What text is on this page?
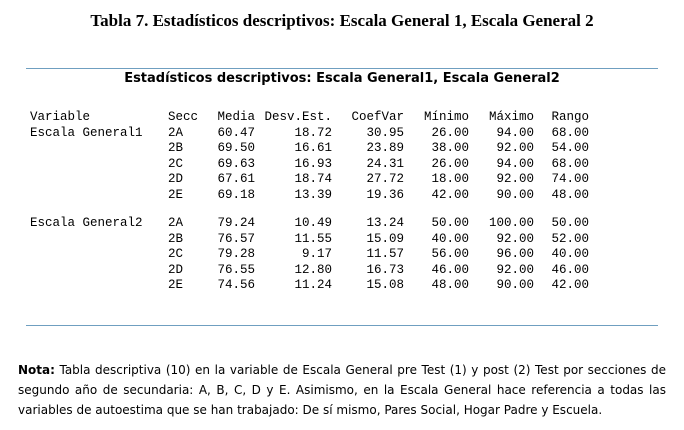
Tabla 7. Estadísticos descriptivos: Escala General 1, Escala General 2
Estadísticos descriptivos: Escala General1, Escala General2
Variable	Secc	Media	Desv.Est.	CoefVar	Mínimo	Máximo	Rango
Escala General1	2A	60.47	18.72	30.95	26.00	94.00	68.00
	2B	69.50	16.61	23.89	38.00	92.00	54.00
	2C	69.63	16.93	24.31	26.00	94.00	68.00
	2D	67.61	18.74	27.72	18.00	92.00	74.00
	2E	69.18	13.39	19.36	42.00	90.00	48.00

Escala General2	2A	79.24	10.49	13.24	50.00	100.00	50.00
	2B	76.57	11.55	15.09	40.00	92.00	52.00
	2C	79.28	9.17	11.57	56.00	96.00	40.00
	2D	76.55	12.80	16.73	46.00	92.00	46.00
	2E	74.56	11.24	15.08	48.00	90.00	42.00
Nota: Tabla descriptiva (10) en la variable de Escala General pre Test (1) y post (2) Test por secciones de segundo año de secundaria: A, B, C, D y E. Asimismo, en la Escala General hace referencia a todas las variables de autoestima que se han trabajado: De sí mismo, Pares Social, Hogar Padre y Escuela.
